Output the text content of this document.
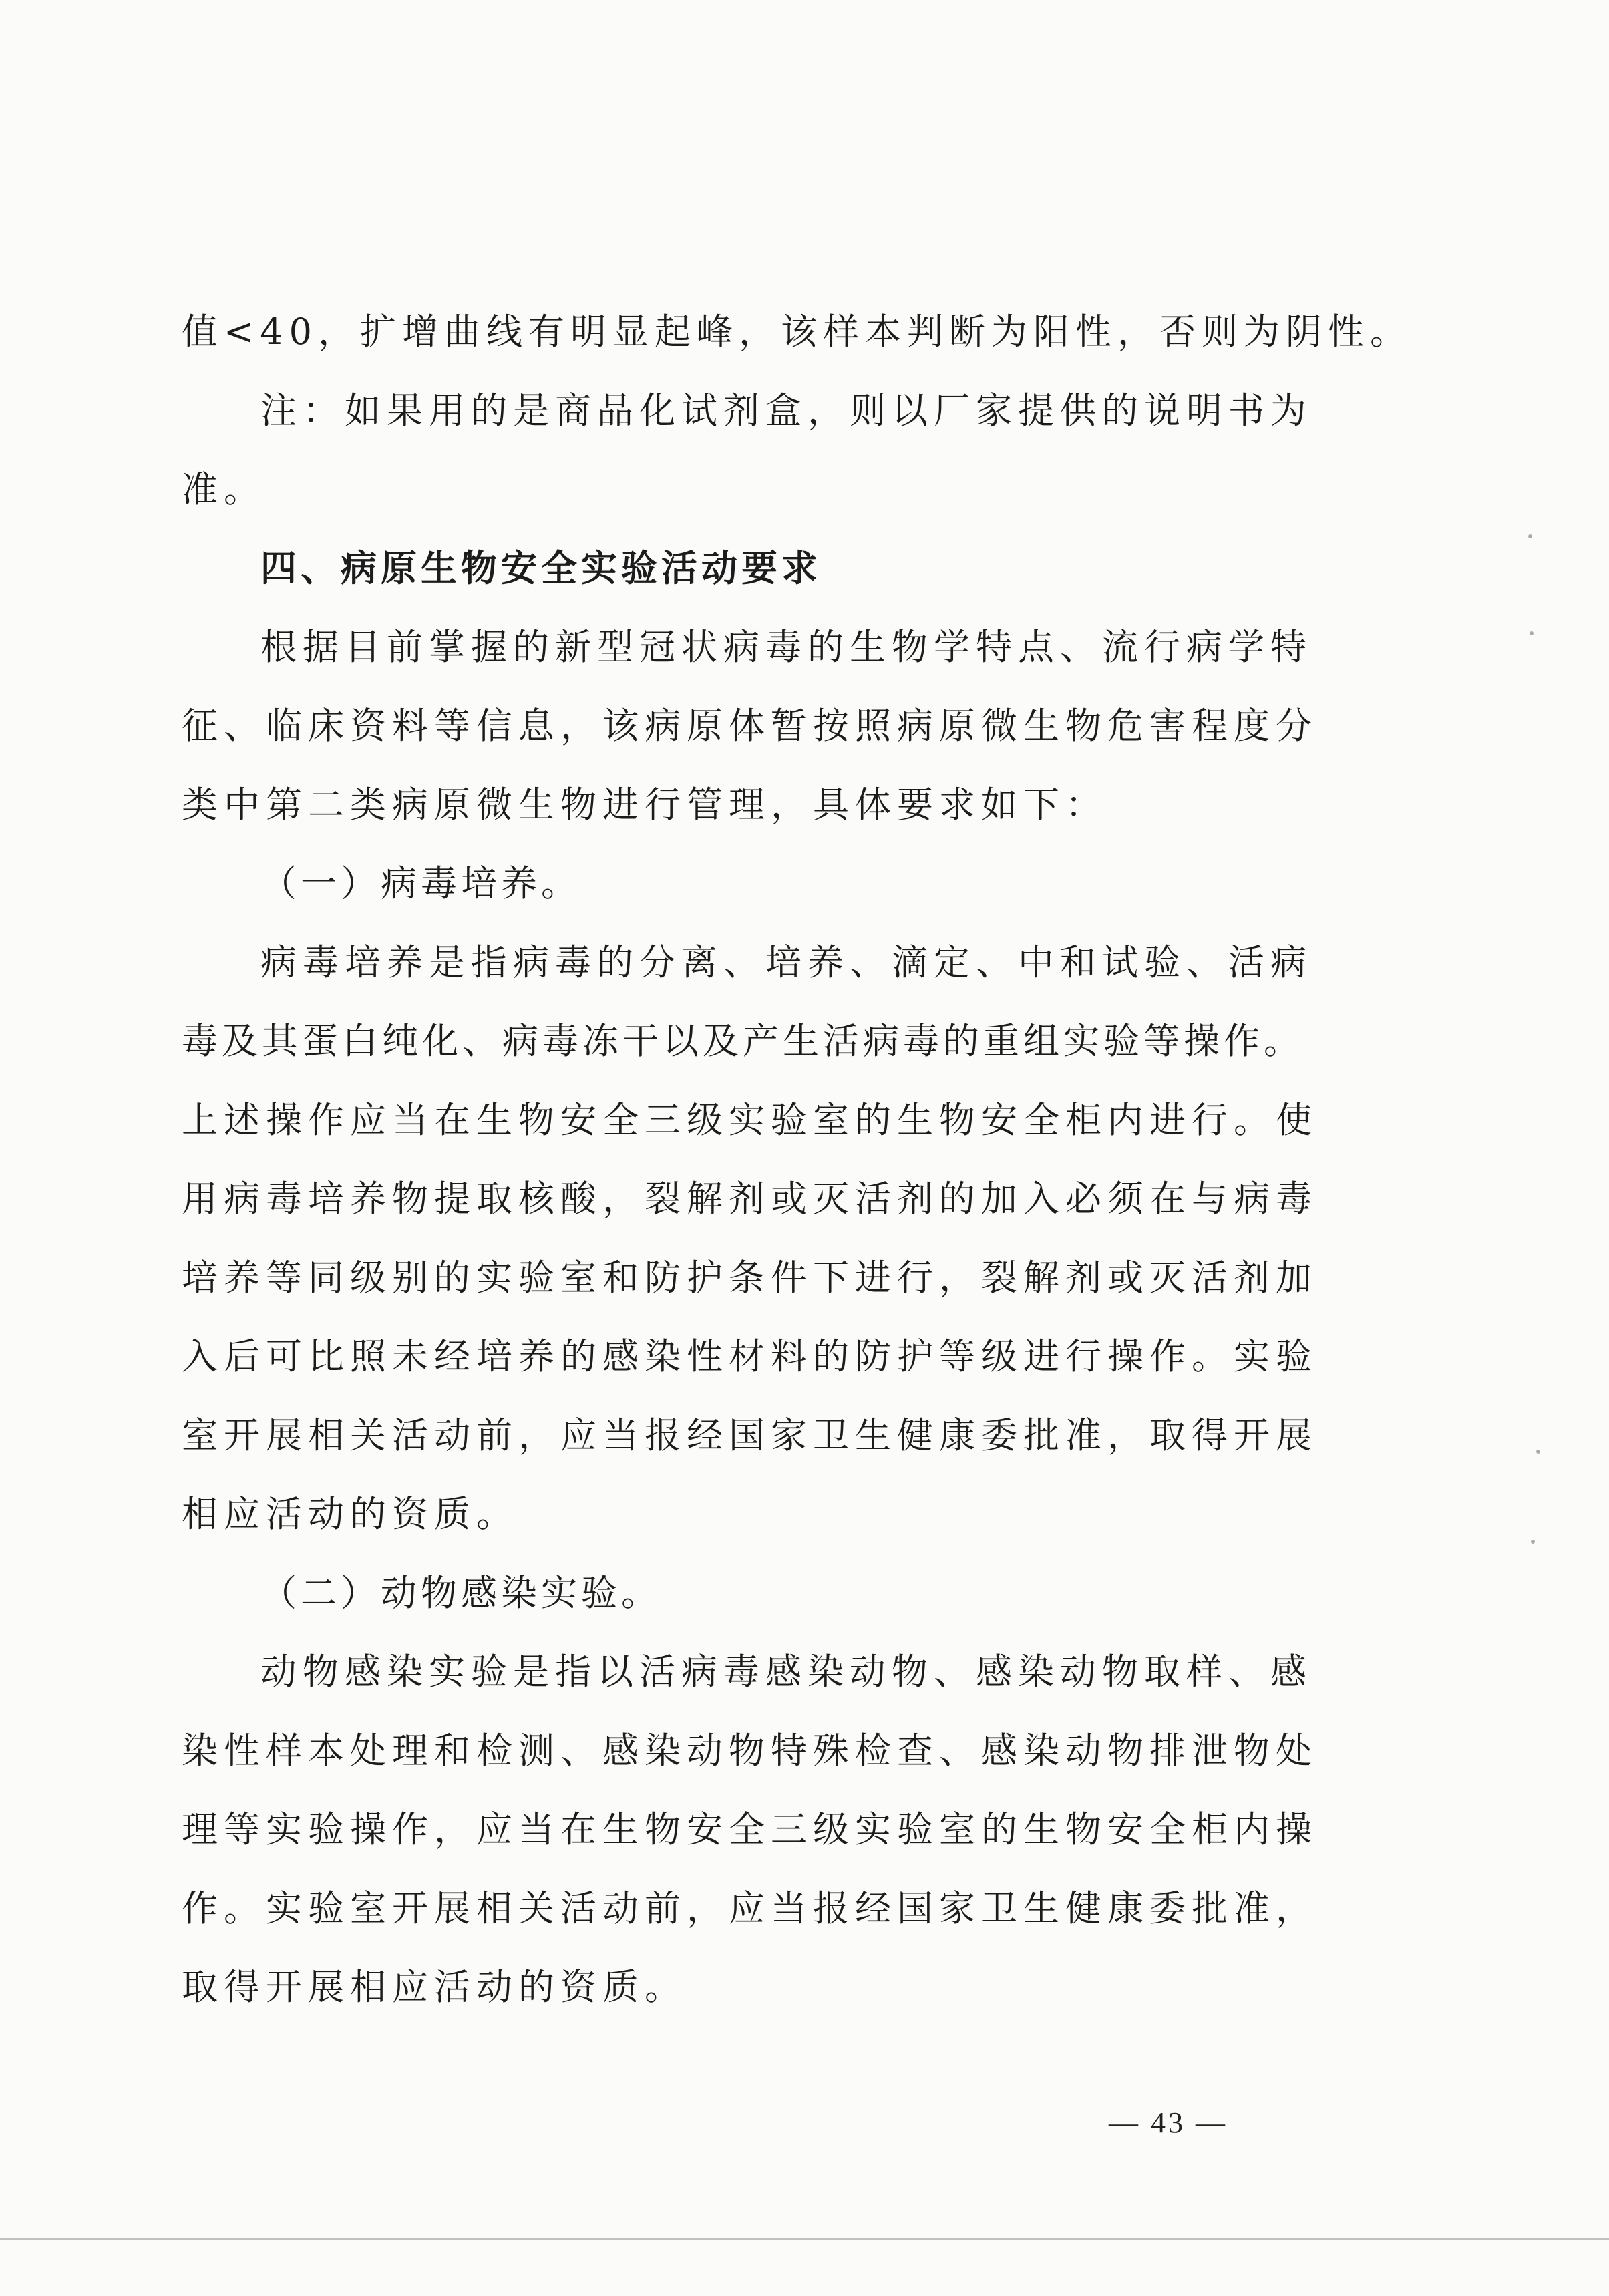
值<40，扩增曲线有明显起峰，该样本判断为阳性，否则为阴性。
注：如果用的是商品化试剂盒，则以厂家提供的说明书为
准。
四、病原生物安全实验活动要求
根据目前掌握的新型冠状病毒的生物学特点、流行病学特
征、临床资料等信息，该病原体暂按照病原微生物危害程度分
类中第二类病原微生物进行管理，具体要求如下：
（一）病毒培养。
病毒培养是指病毒的分离、培养、滴定、中和试验、活病
毒及其蛋白纯化、病毒冻干以及产生活病毒的重组实验等操作。
上述操作应当在生物安全三级实验室的生物安全柜内进行。使
用病毒培养物提取核酸，裂解剂或灭活剂的加入必须在与病毒
培养等同级别的实验室和防护条件下进行，裂解剂或灭活剂加
入后可比照未经培养的感染性材料的防护等级进行操作。实验
室开展相关活动前，应当报经国家卫生健康委批准，取得开展
相应活动的资质。
（二）动物感染实验。
动物感染实验是指以活病毒感染动物、感染动物取样、感
染性样本处理和检测、感染动物特殊检查、感染动物排泄物处
理等实验操作，应当在生物安全三级实验室的生物安全柜内操
作。实验室开展相关活动前，应当报经国家卫生健康委批准，
取得开展相应活动的资质。
— 43 —
